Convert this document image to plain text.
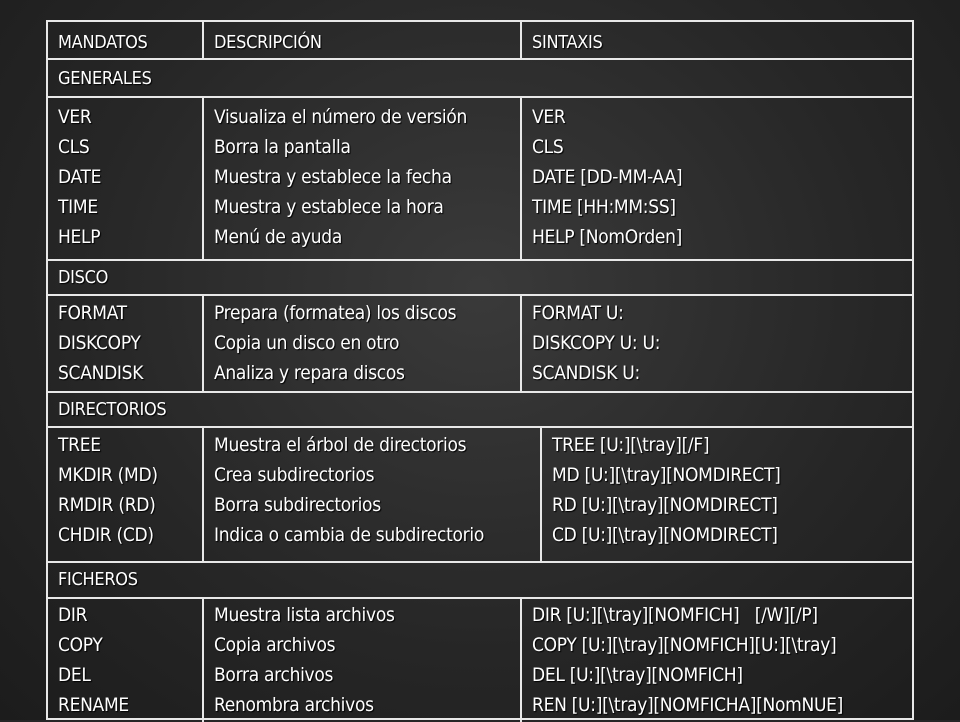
MANDATOS	DESCRIPCIÓN	SINTAXIS
GENERALES
VER
CLS
DATE
TIME
HELP
Visualiza el número de versión
Borra la pantalla
Muestra y establece la fecha
Muestra y establece la hora
Menú de ayuda
VER
CLS
DATE [DD-MM-AA]
TIME [HH:MM:SS]
HELP [NomOrden]
DISCO
FORMAT
DISKCOPY
SCANDISK
Prepara (formatea) los discos
Copia un disco en otro
Analiza y repara discos
FORMAT U:
DISKCOPY U: U:
SCANDISK U:
DIRECTORIOS
TREE
MKDIR (MD)
RMDIR (RD)
CHDIR (CD)
Muestra el árbol de directorios
Crea subdirectorios
Borra subdirectorios
Indica o cambia de subdirectorio
TREE [U:][\tray][/F]
MD [U:][\tray][NOMDIRECT]
RD [U:][\tray][NOMDIRECT]
CD [U:][\tray][NOMDIRECT]
FICHEROS
DIR
COPY
DEL
RENAME
Muestra lista archivos
Copia archivos
Borra archivos
Renombra archivos
DIR [U:][\tray][NOMFICH]   [/W][/P]
COPY [U:][\tray][NOMFICH][U:][\tray]
DEL [U:][\tray][NOMFICH]
REN [U:][\tray][NOMFICHA][NomNUE]
